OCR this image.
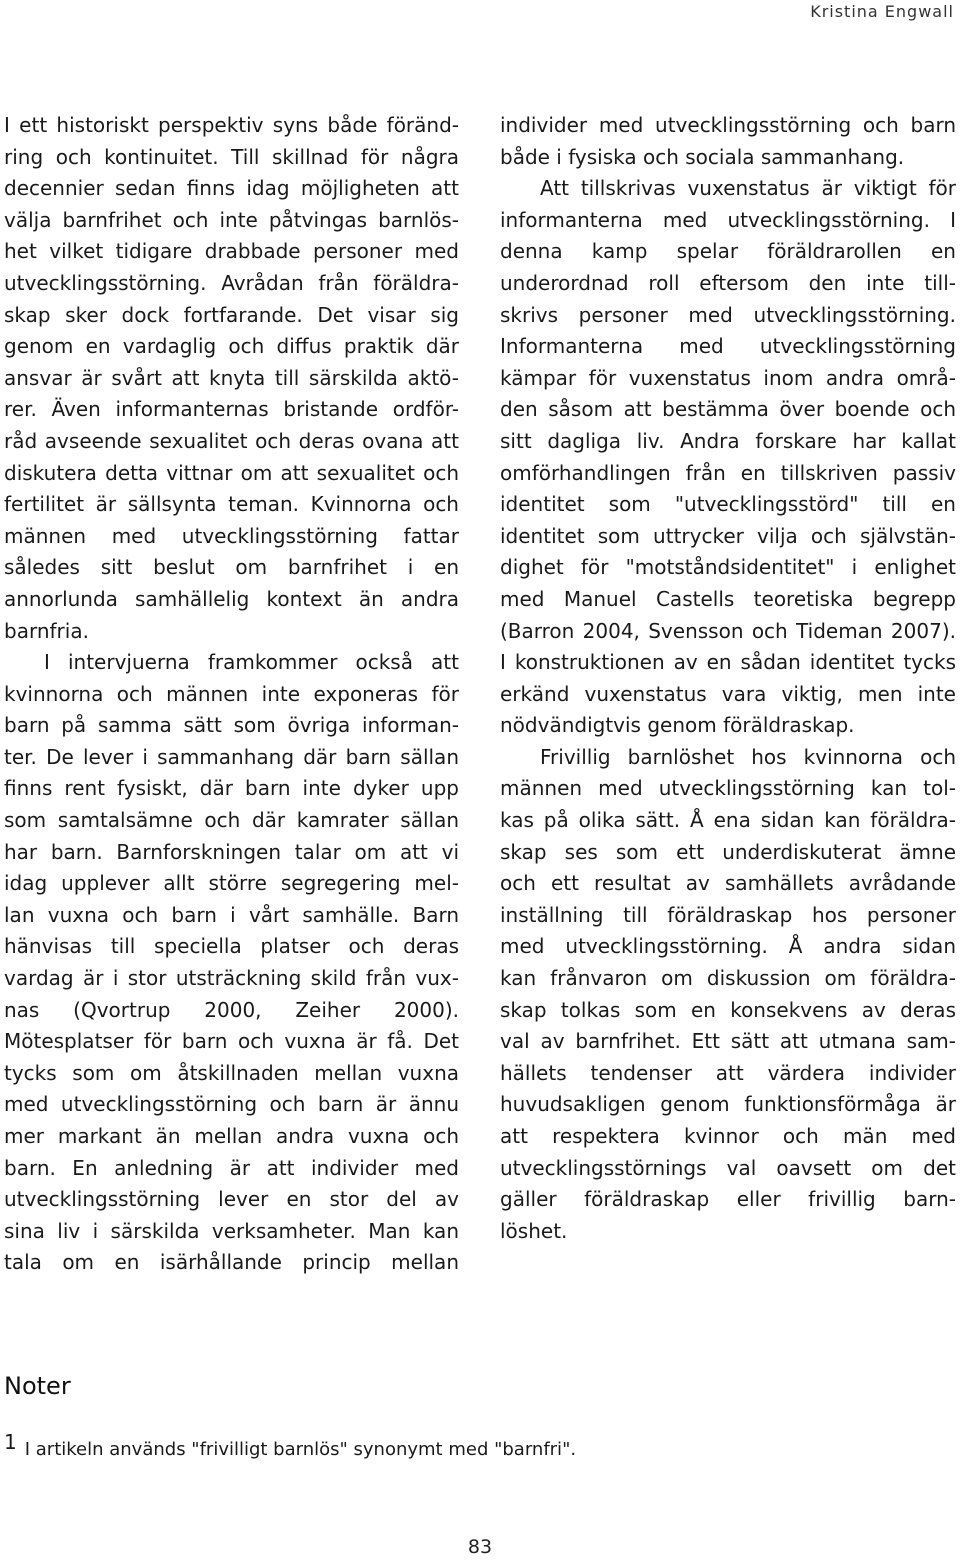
Kristina Engwall
I ett historiskt perspektiv syns både föränd-
ring och kontinuitet. Till skillnad för några
decennier sedan finns idag möjligheten att
välja barnfrihet och inte påtvingas barnlös-
het vilket tidigare drabbade personer med
utvecklingsstörning. Avrådan från föräldra-
skap sker dock fortfarande. Det visar sig
genom en vardaglig och diffus praktik där
ansvar är svårt att knyta till särskilda aktö-
rer. Även informanternas bristande ordför-
råd avseende sexualitet och deras ovana att
diskutera detta vittnar om att sexualitet och
fertilitet är sällsynta teman. Kvinnorna och
männen med utvecklingsstörning fattar
således sitt beslut om barnfrihet i en
annorlunda samhällelig kontext än andra
barnfria.
I intervjuerna framkommer också att
kvinnorna och männen inte exponeras för
barn på samma sätt som övriga informan-
ter. De lever i sammanhang där barn sällan
finns rent fysiskt, där barn inte dyker upp
som samtalsämne och där kamrater sällan
har barn. Barnforskningen talar om att vi
idag upplever allt större segregering mel-
lan vuxna och barn i vårt samhälle. Barn
hänvisas till speciella platser och deras
vardag är i stor utsträckning skild från vux-
nas (Qvortrup 2000, Zeiher 2000).
Mötesplatser för barn och vuxna är få. Det
tycks som om åtskillnaden mellan vuxna
med utvecklingsstörning och barn är ännu
mer markant än mellan andra vuxna och
barn. En anledning är att individer med
utvecklingsstörning lever en stor del av
sina liv i särskilda verksamheter. Man kan
tala om en isärhållande princip mellan
individer med utvecklingsstörning och barn
både i fysiska och sociala sammanhang.
Att tillskrivas vuxenstatus är viktigt för
informanterna med utvecklingsstörning. I
denna kamp spelar föräldrarollen en
underordnad roll eftersom den inte till-
skrivs personer med utvecklingsstörning.
Informanterna med utvecklingsstörning
kämpar för vuxenstatus inom andra områ-
den såsom att bestämma över boende och
sitt dagliga liv. Andra forskare har kallat
omförhandlingen från en tillskriven passiv
identitet som "utvecklingsstörd" till en
identitet som uttrycker vilja och självstän-
dighet för "motståndsidentitet" i enlighet
med Manuel Castells teoretiska begrepp
(Barron 2004, Svensson och Tideman 2007).
I konstruktionen av en sådan identitet tycks
erkänd vuxenstatus vara viktig, men inte
nödvändigtvis genom föräldraskap.
Frivillig barnlöshet hos kvinnorna och
männen med utvecklingsstörning kan tol-
kas på olika sätt. Å ena sidan kan föräldra-
skap ses som ett underdiskuterat ämne
och ett resultat av samhällets avrådande
inställning till föräldraskap hos personer
med utvecklingsstörning. Å andra sidan
kan frånvaron om diskussion om föräldra-
skap tolkas som en konsekvens av deras
val av barnfrihet. Ett sätt att utmana sam-
hällets tendenser att värdera individer
huvudsakligen genom funktionsförmåga är
att respektera kvinnor och män med
utvecklingsstörnings val oavsett om det
gäller föräldraskap eller frivillig barn-
löshet.
Noter
1 I artikeln används "frivilligt barnlös" synonymt med "barnfri".
83
